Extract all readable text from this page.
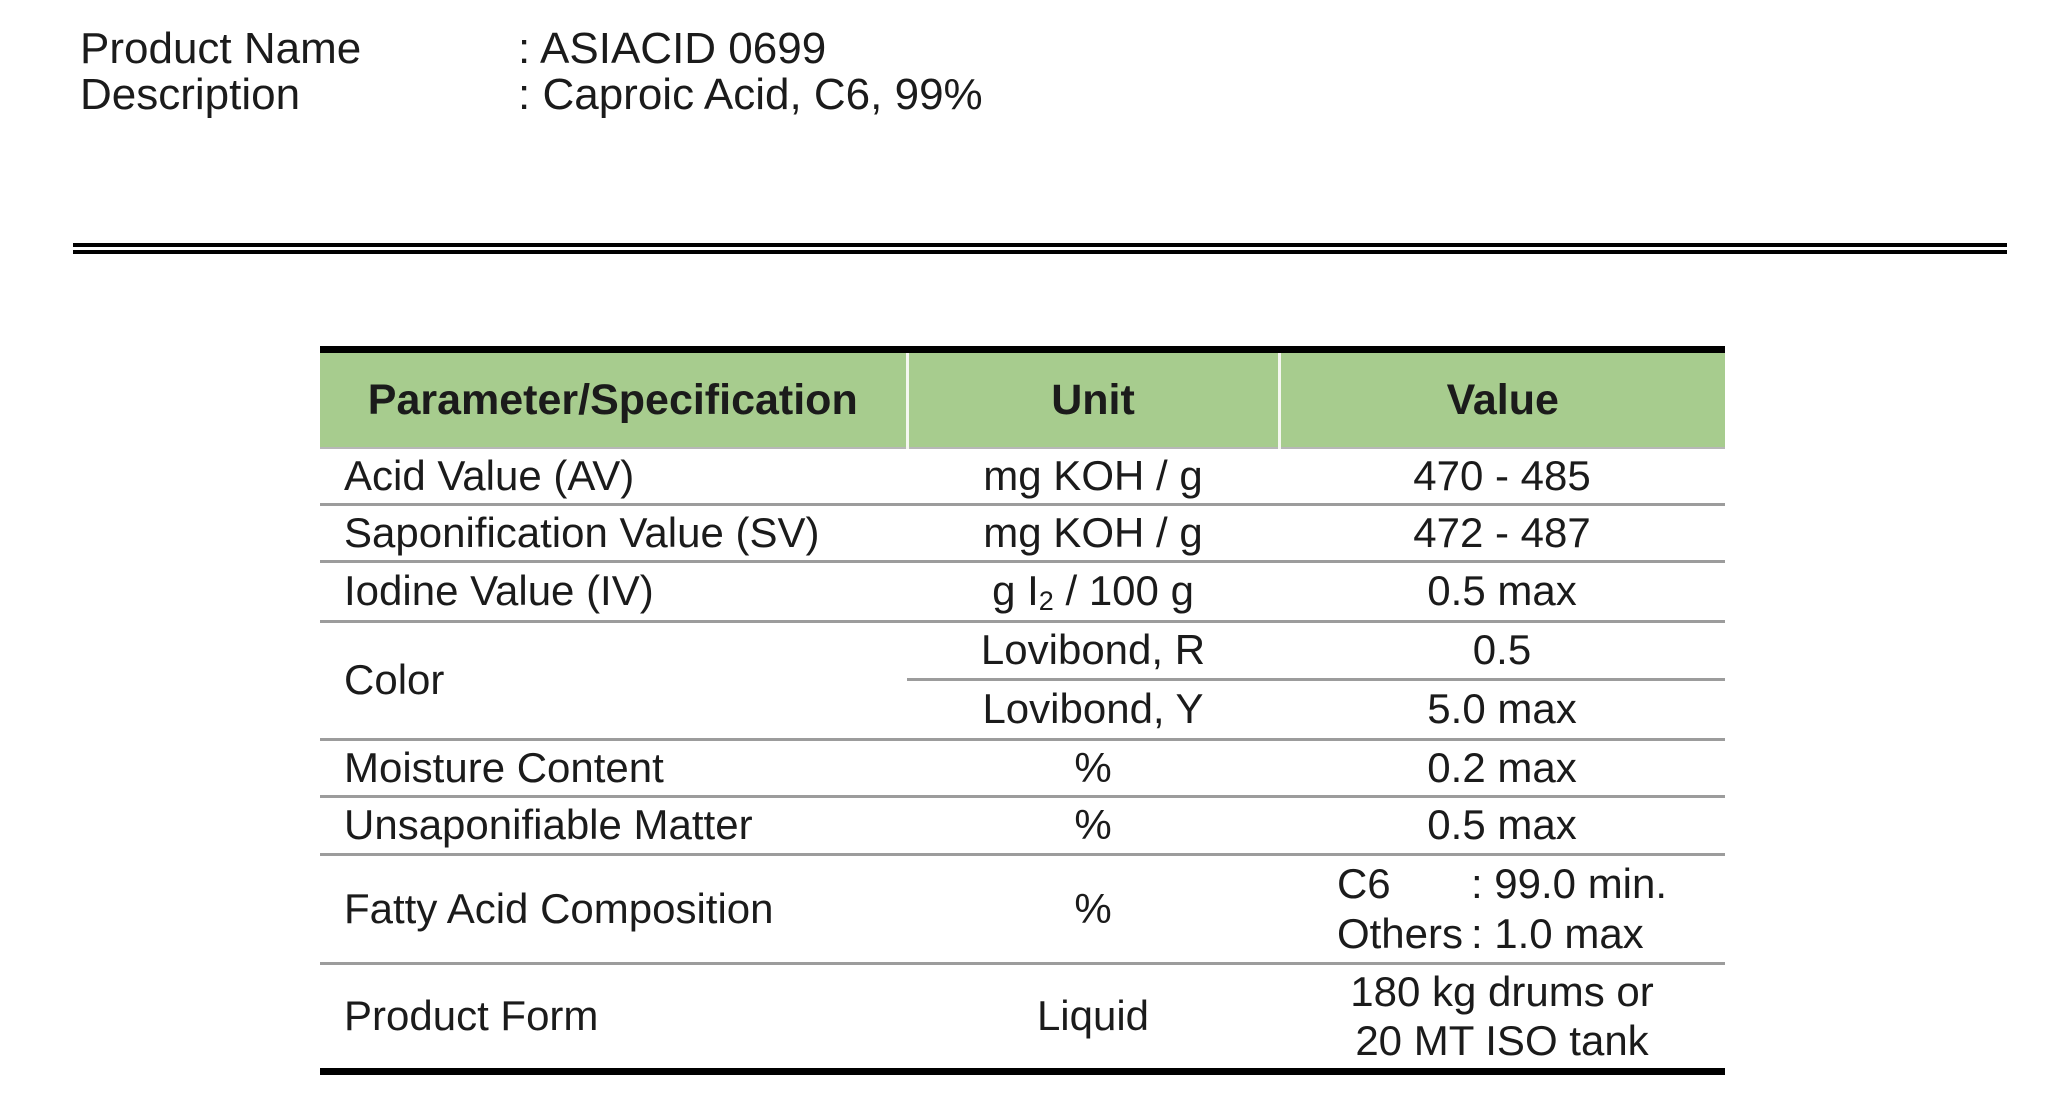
Product Name	: ASIACID 0699
Description	: Caproic Acid, C6, 99%
Parameter/Specification	Unit	Value
Acid Value (AV)	mg KOH / g	470 - 485
Saponification Value (SV)	mg KOH / g	472 - 487
Iodine Value (IV)	g I2 / 100 g	0.5 max
Color	Lovibond, R	0.5
	Lovibond, Y	5.0 max
Moisture Content	%	0.2 max
Unsaponifiable Matter	%	0.5 max
Fatty Acid Composition	%	C6 : 99.0 min.
Others : 1.0 max

Product Form	Liquid	180 kg drums or
20 MT ISO tank
